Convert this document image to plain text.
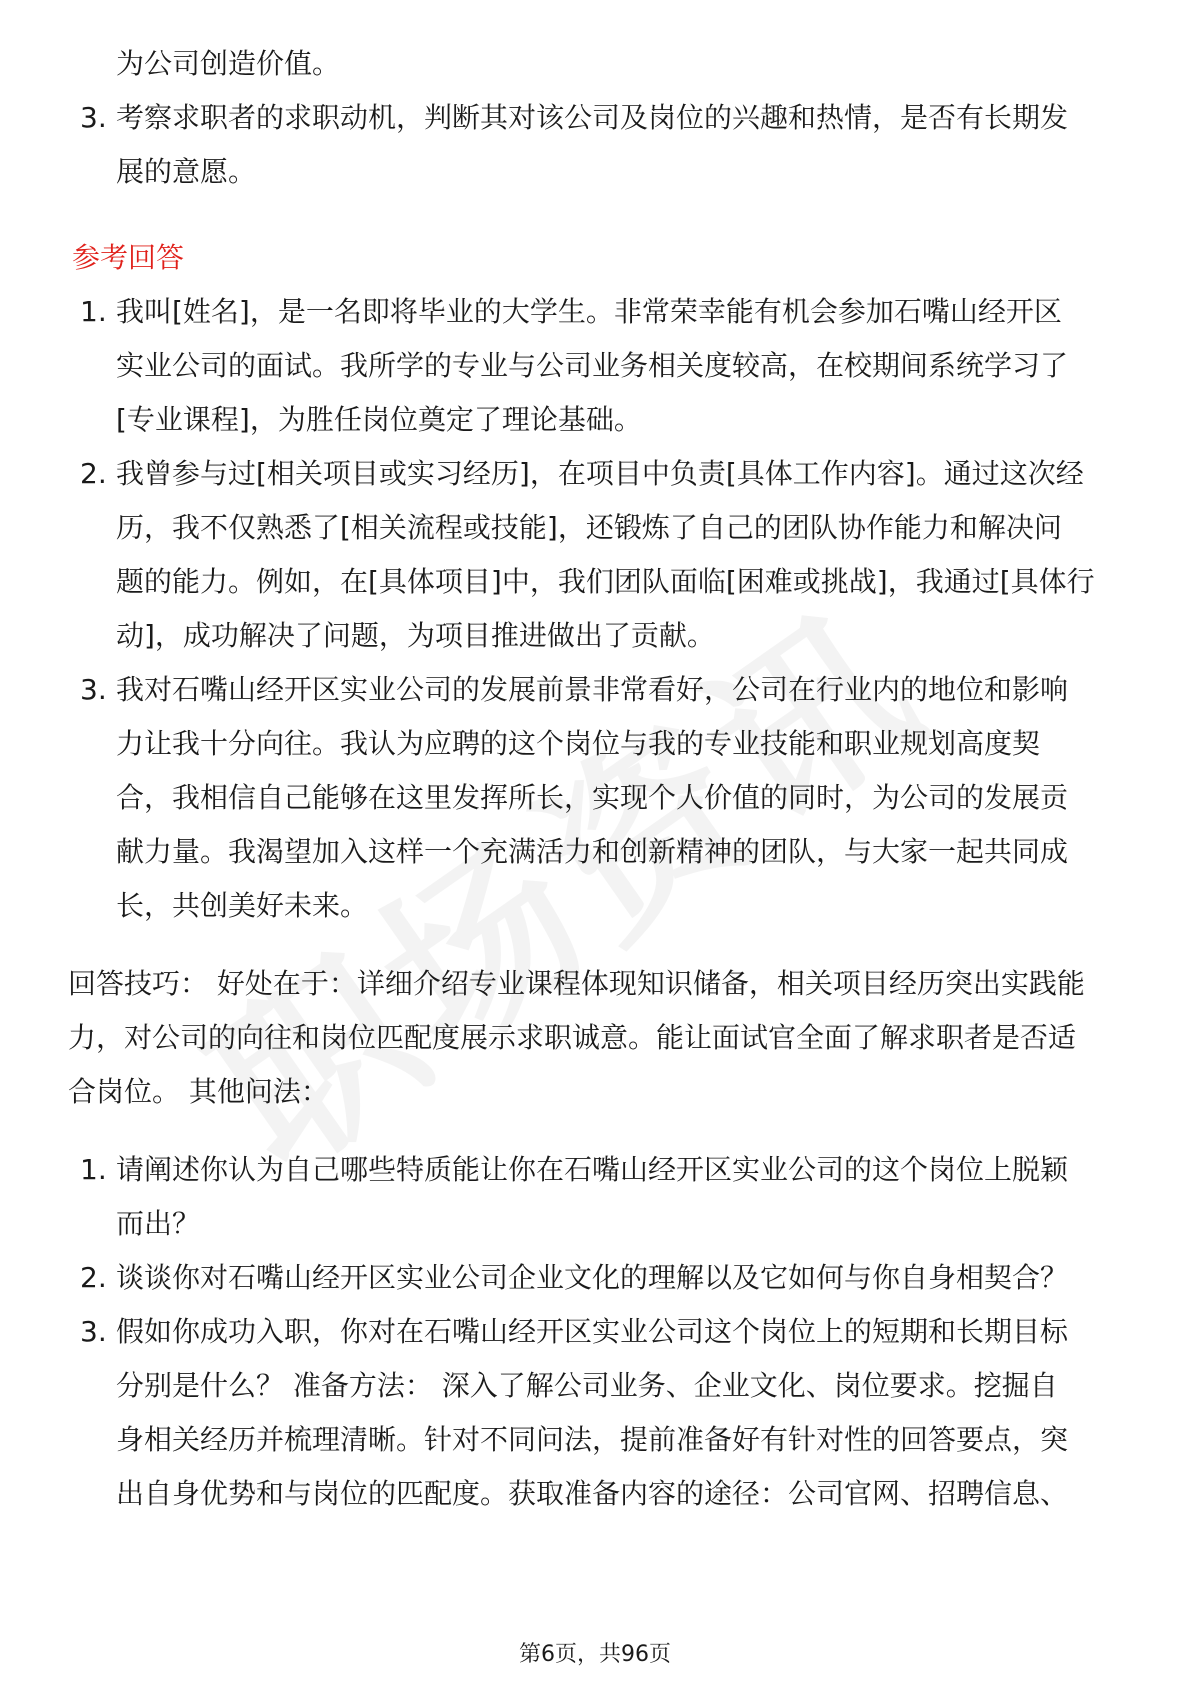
为公司创造价值。
3. 考察求职者的求职动机，判断其对该公司及岗位的兴趣和热情，是否有长期发
展的意愿。
参考回答
1. 我叫[姓名]，是一名即将毕业的大学生。非常荣幸能有机会参加石嘴山经开区
实业公司的面试。我所学的专业与公司业务相关度较高，在校期间系统学习了
[专业课程]，为胜任岗位奠定了理论基础。
2. 我曾参与过[相关项目或实习经历]，在项目中负责[具体工作内容]。通过这次经
历，我不仅熟悉了[相关流程或技能]，还锻炼了自己的团队协作能力和解决问
题的能力。例如，在[具体项目]中，我们团队面临[困难或挑战]，我通过[具体行
动]，成功解决了问题，为项目推进做出了贡献。
3. 我对石嘴山经开区实业公司的发展前景非常看好，公司在行业内的地位和影响
力让我十分向往。我认为应聘的这个岗位与我的专业技能和职业规划高度契
合，我相信自己能够在这里发挥所长，实现个人价值的同时，为公司的发展贡
献力量。我渴望加入这样一个充满活力和创新精神的团队，与大家一起共同成
长，共创美好未来。
回答技巧： 好处在于：详细介绍专业课程体现知识储备，相关项目经历突出实践能
力，对公司的向往和岗位匹配度展示求职诚意。能让面试官全面了解求职者是否适
合岗位。 其他问法：
1. 请阐述你认为自己哪些特质能让你在石嘴山经开区实业公司的这个岗位上脱颖
而出？
2. 谈谈你对石嘴山经开区实业公司企业文化的理解以及它如何与你自身相契合？
3. 假如你成功入职，你对在石嘴山经开区实业公司这个岗位上的短期和长期目标
分别是什么？ 准备方法： 深入了解公司业务、企业文化、岗位要求。挖掘自
身相关经历并梳理清晰。针对不同问法，提前准备好有针对性的回答要点，突
出自身优势和与岗位的匹配度。获取准备内容的途径：公司官网、招聘信息、
第6页，共96页
